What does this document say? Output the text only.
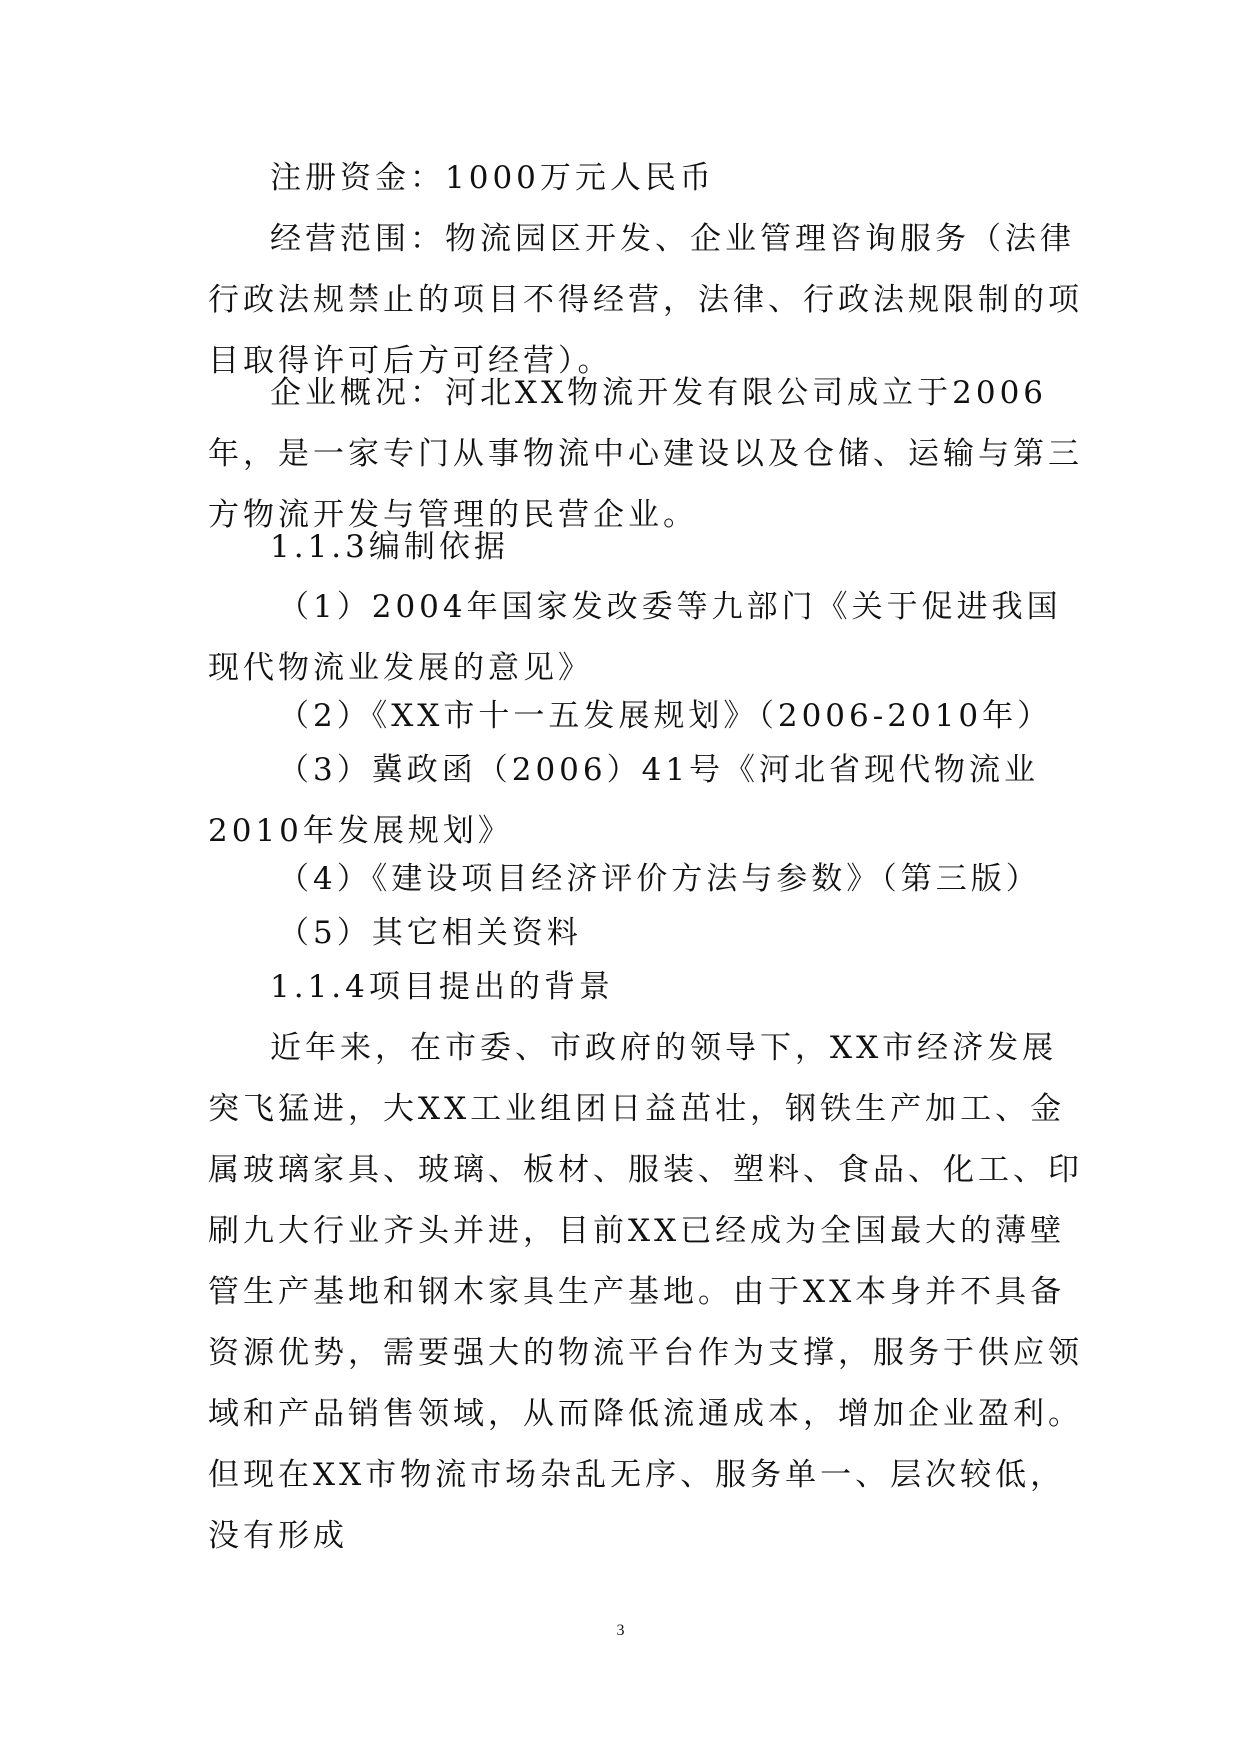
注册资金：1000万元人民币

经营范围：物流园区开发、企业管理咨询服务（法律行政法规禁止的项目不得经营，法律、行政法规限制的项目取得许可后方可经营）。

企业概况：河北XX物流开发有限公司成立于2006年，是一家专门从事物流中心建设以及仓储、运输与第三方物流开发与管理的民营企业。

1.1.3编制依据

（1）2004年国家发改委等九部门《关于促进我国现代物流业发展的意见》

（2）《XX市十一五发展规划》（2006-2010年）

（3）冀政函（2006）41号《河北省现代物流业2010年发展规划》

（4）《建设项目经济评价方法与参数》（第三版）

（5）其它相关资料

1.1.4项目提出的背景

近年来，在市委、市政府的领导下，XX市经济发展突飞猛进，大XX工业组团日益茁壮，钢铁生产加工、金属玻璃家具、玻璃、板材、服装、塑料、食品、化工、印刷九大行业齐头并进，目前XX已经成为全国最大的薄壁管生产基地和钢木家具生产基地。由于XX本身并不具备资源优势，需要强大的物流平台作为支撑，服务于供应领域和产品销售领域，从而降低流通成本，增加企业盈利。但现在XX市物流市场杂乱无序、服务单一、层次较低，没有形成

3
